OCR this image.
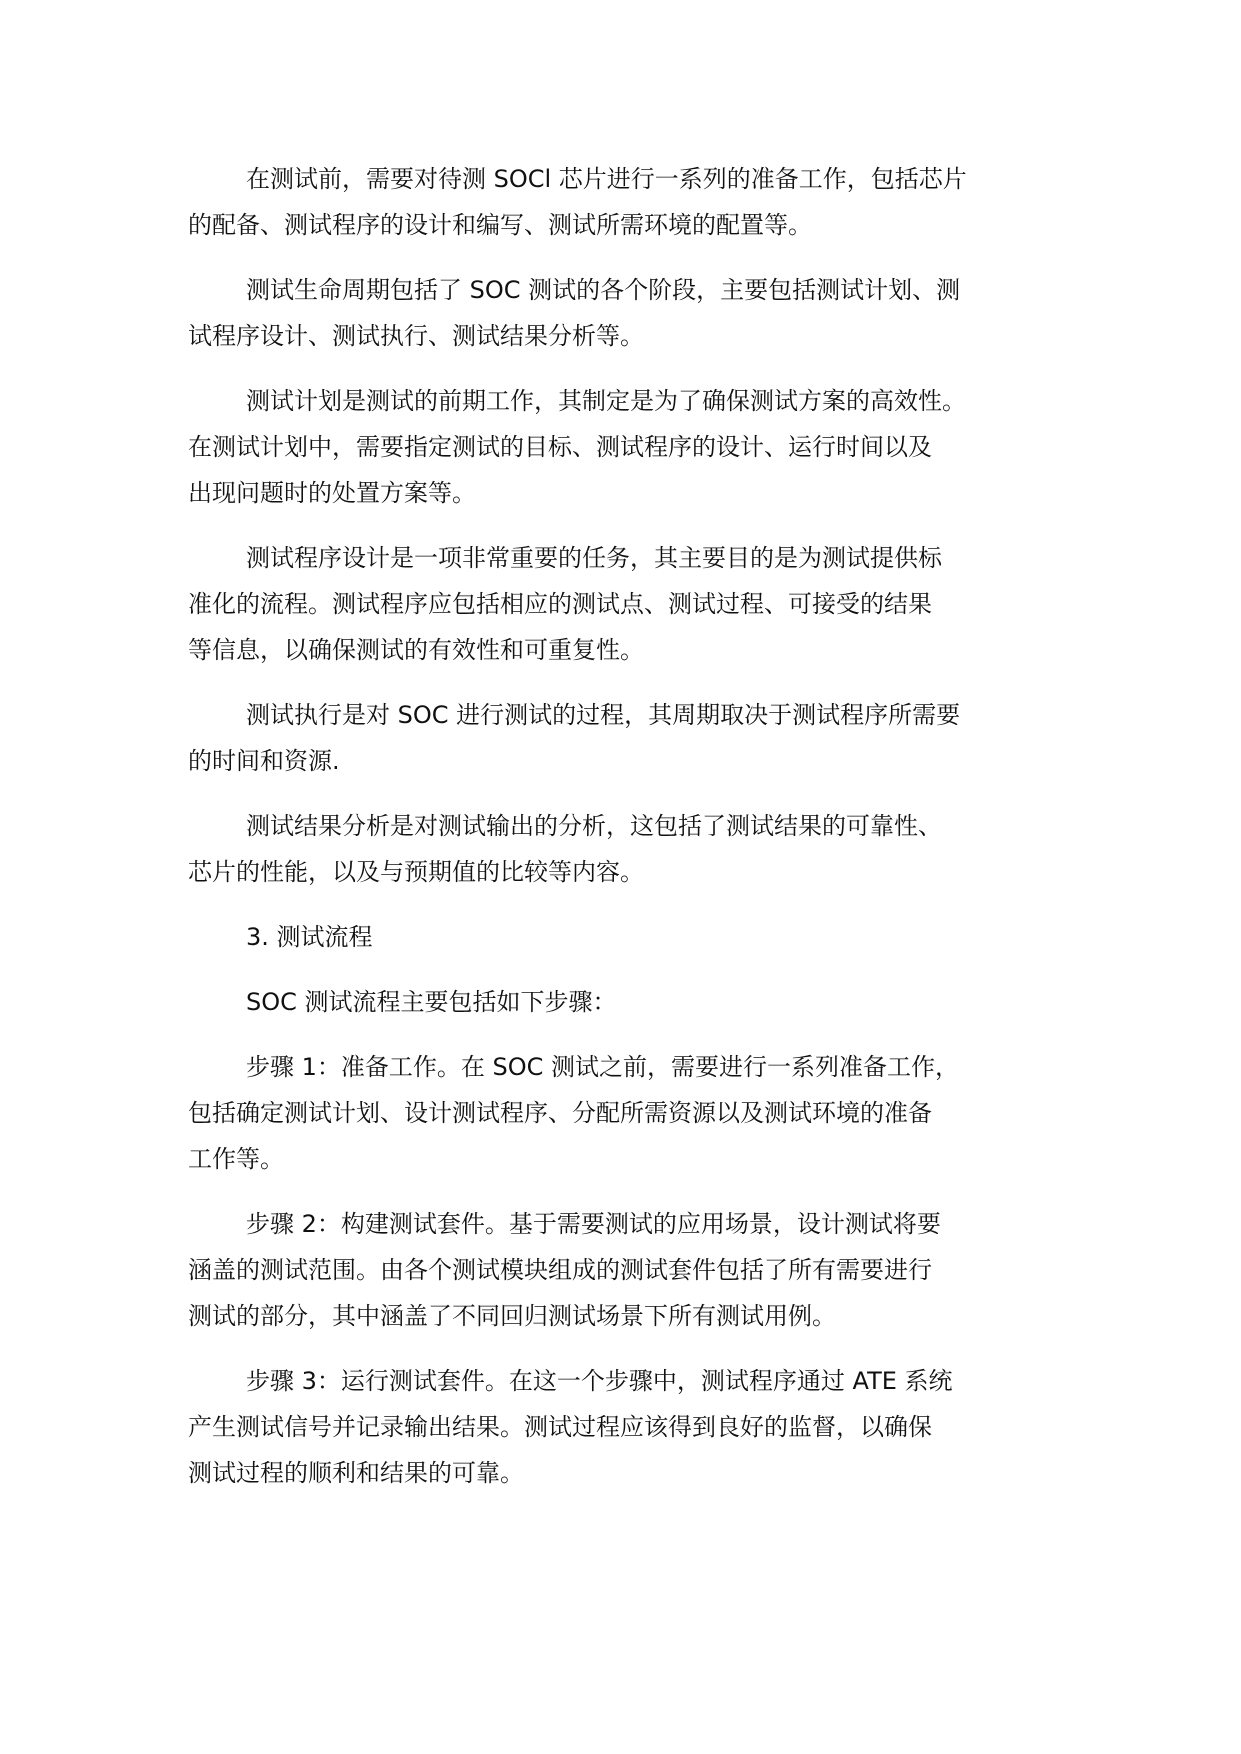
在测试前，需要对待测 SOCl 芯片进行一系列的准备工作，包括芯片
的配备、测试程序的设计和编写、测试所需环境的配置等。

测试生命周期包括了 SOC 测试的各个阶段，主要包括测试计划、测
试程序设计、测试执行、测试结果分析等。

测试计划是测试的前期工作，其制定是为了确保测试方案的高效性。
在测试计划中，需要指定测试的目标、测试程序的设计、运行时间以及
出现问题时的处置方案等。

测试程序设计是一项非常重要的任务，其主要目的是为测试提供标
准化的流程。测试程序应包括相应的测试点、测试过程、可接受的结果
等信息，以确保测试的有效性和可重复性。

测试执行是对 SOC 进行测试的过程，其周期取决于测试程序所需要
的时间和资源.

测试结果分析是对测试输出的分析，这包括了测试结果的可靠性、
芯片的性能，以及与预期值的比较等内容。

3. 测试流程

SOC 测试流程主要包括如下步骤：

步骤 1：准备工作。在 SOC 测试之前，需要进行一系列准备工作，
包括确定测试计划、设计测试程序、分配所需资源以及测试环境的准备
工作等。

步骤 2：构建测试套件。基于需要测试的应用场景，设计测试将要
涵盖的测试范围。由各个测试模块组成的测试套件包括了所有需要进行
测试的部分，其中涵盖了不同回归测试场景下所有测试用例。

步骤 3：运行测试套件。在这一个步骤中，测试程序通过 ATE 系统
产生测试信号并记录输出结果。测试过程应该得到良好的监督，以确保
测试过程的顺利和结果的可靠。
